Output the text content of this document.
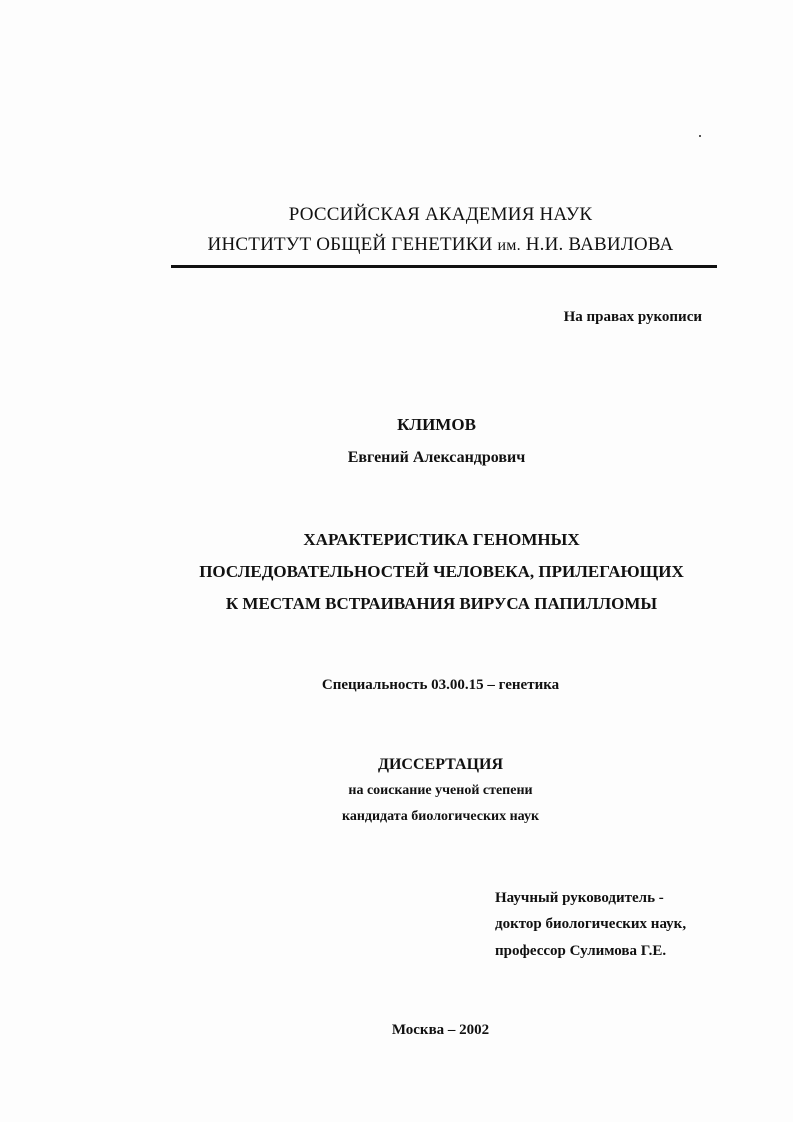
РОССИЙСКАЯ АКАДЕМИЯ НАУК
ИНСТИТУТ ОБЩЕЙ ГЕНЕТИКИ им. Н.И. ВАВИЛОВА
На правах рукописи
КЛИМОВ
Евгений Александрович
ХАРАКТЕРИСТИКА ГЕНОМНЫХ
ПОСЛЕДОВАТЕЛЬНОСТЕЙ ЧЕЛОВЕКА, ПРИЛЕГАЮЩИХ
К МЕСТАМ ВСТРАИВАНИЯ ВИРУСА ПАПИЛЛОМЫ
Специальность 03.00.15 – генетика
ДИССЕРТАЦИЯ
на соискание ученой степени
кандидата биологических наук
Научный руководитель -
доктор биологических наук,
профессор Сулимова Г.Е.
Москва – 2002
